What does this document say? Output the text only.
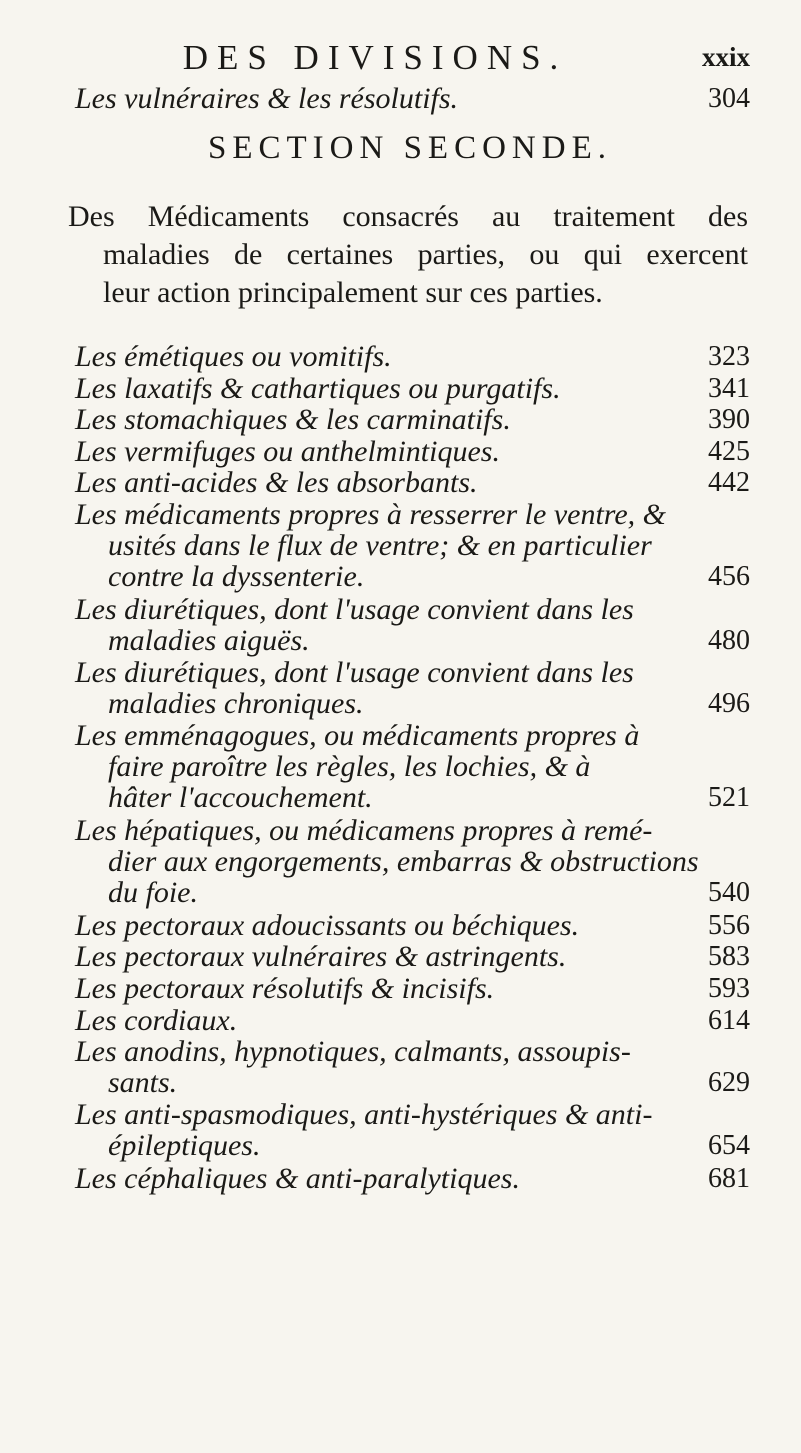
DES DIVISIONS.	xxix
Les vulnéraires & les résolutifs.	304
SECTION SECONDE.
Des Médicaments consacrés au traitement des
maladies de certaines parties, ou qui exercent
leur action principalement sur ces parties.
Les émétiques ou vomitifs.	323
Les laxatifs & cathartiques ou purgatifs.	341
Les stomachiques & les carminatifs.	390
Les vermifuges ou anthelmintiques.	425
Les anti-acides & les absorbants.	442
Les médicaments propres à resserrer le ventre, &
usités dans le flux de ventre; & en particulier
contre la dyssenterie.	456
Les diurétiques, dont l'usage convient dans les
maladies aiguës.	480
Les diurétiques, dont l'usage convient dans les
maladies chroniques.	496
Les emménagogues, ou médicaments propres à
faire paroître les règles, les lochies, & à
hâter l'accouchement.	521
Les hépatiques, ou médicamens propres à remé-
dier aux engorgements, embarras & obstructions
du foie.	540
Les pectoraux adoucissants ou béchiques.	556
Les pectoraux vulnéraires & astringents.	583
Les pectoraux résolutifs & incisifs.	593
Les cordiaux.	614
Les anodins, hypnotiques, calmants, assoupis-
sants.	629
Les anti-spasmodiques, anti-hystériques & anti-
épileptiques.	654
Les céphaliques & anti-paralytiques.	681
